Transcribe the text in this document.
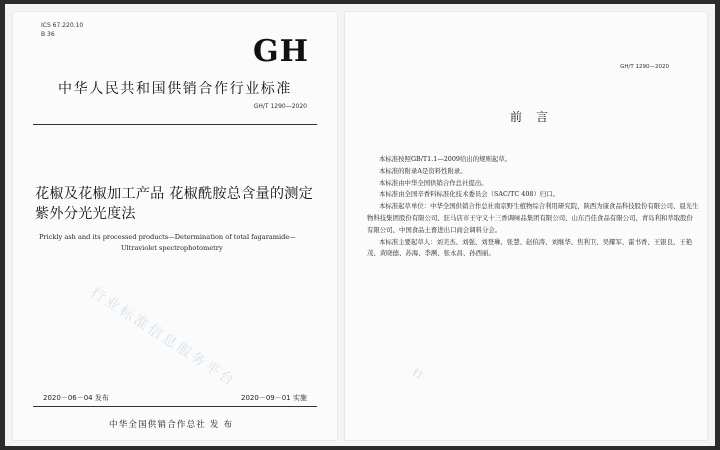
ICS 67.220.10
B 36	GH
中华人民共和国供销合作行业标准
GH/T 1290—2020
花椒及花椒加工产品 花椒酰胺总含量的测定 紫外分光光度法
Prickly ash and its processed products—Determination of total fagaramide—
Ultraviolet spectrophotometry
行业标准信息服务平台
2020－06－04 发布	2020－09－01 实施
中华全国供销合作总社 发 布
GH/T 1290—2020
前言

本标准按照GB/T1.1—2009给出的规则起草。

本标准的附录A是资料性附录。

本标准由中华全国供销合作总社提出。

本标准由全国辛香料标准化技术委员会（SAC/TC 408）归口。

本标准起草单位：中华全国供销合作总社南京野生植物综合利用研究院、陕西为康食品科技股份有限公司、晨光生物科技集团股份有限公司、驻马店市王守义十三香调味品集团有限公司、山东百佳食品有限公司、青岛利和萃取股份有限公司、中国食品土畜进出口商会调料分会。

本标准主要起草人：刘美杰、刘强、刘登琳、张慧、赵伯涛、刘继华、焦利卫、吴耀军、霍书香、王银良、王艳茂、黄晓德、苏海、李濒、张永昌、孙西丽。

行
